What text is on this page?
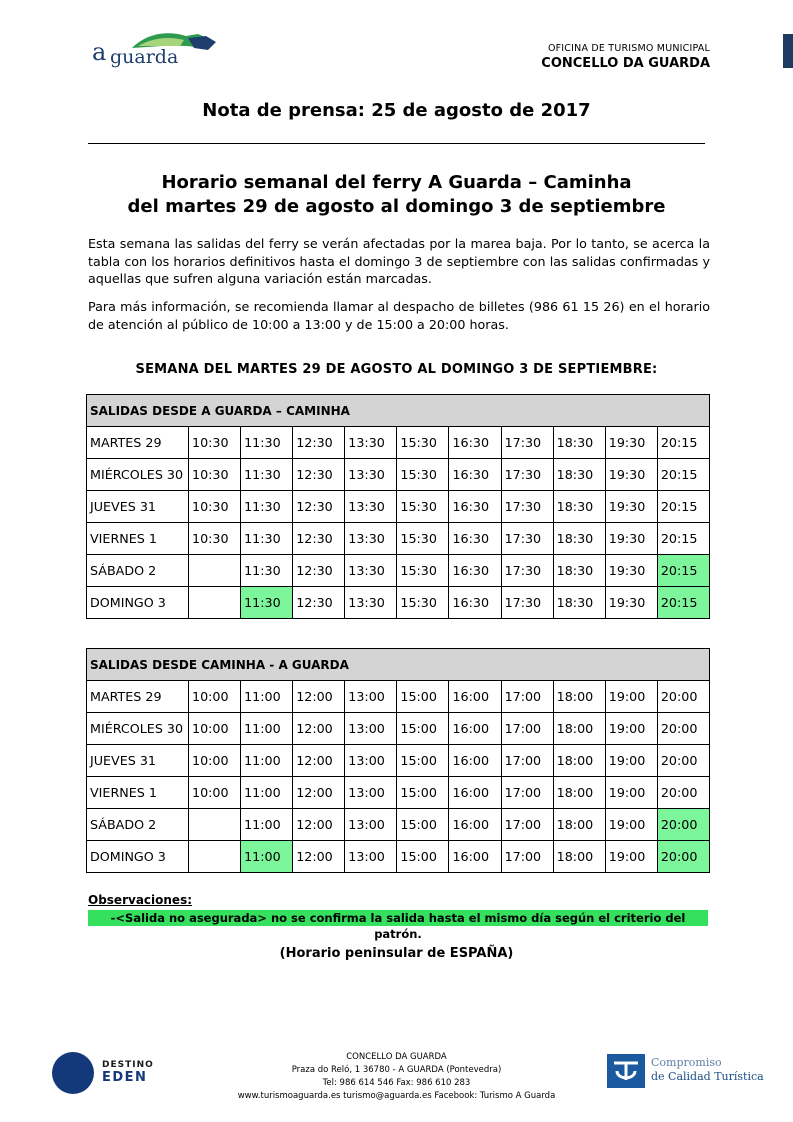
a guarda	OFICINA DE TURISMO MUNICIPAL
CONCELLO DA GUARDA
Nota de prensa: 25 de agosto de 2017
Horario semanal del ferry A Guarda – Caminha
del martes 29 de agosto al domingo 3 de septiembre
Esta semana las salidas del ferry se verán afectadas por la marea baja. Por lo tanto, se acerca la tabla con los horarios definitivos hasta el domingo 3 de septiembre con las salidas confirmadas y aquellas que sufren alguna variación están marcadas.
Para más información, se recomienda llamar al despacho de billetes (986 61 15 26) en el horario de atención al público de 10:00 a 13:00 y de 15:00 a 20:00 horas.
SEMANA DEL MARTES 29 DE AGOSTO AL DOMINGO 3 DE SEPTIEMBRE:
SALIDAS DESDE A GUARDA – CAMINHA										
MARTES 29	10:30	11:30	12:30	13:30	15:30	16:30	17:30	18:30	19:30	20:15
MIÉRCOLES 30	10:30	11:30	12:30	13:30	15:30	16:30	17:30	18:30	19:30	20:15
JUEVES 31	10:30	11:30	12:30	13:30	15:30	16:30	17:30	18:30	19:30	20:15
VIERNES 1	10:30	11:30	12:30	13:30	15:30	16:30	17:30	18:30	19:30	20:15
SÁBADO 2		11:30	12:30	13:30	15:30	16:30	17:30	18:30	19:30	20:15
DOMINGO 3		11:30	12:30	13:30	15:30	16:30	17:30	18:30	19:30	20:15
SALIDAS DESDE CAMINHA - A GUARDA										
MARTES 29	10:00	11:00	12:00	13:00	15:00	16:00	17:00	18:00	19:00	20:00
MIÉRCOLES 30	10:00	11:00	12:00	13:00	15:00	16:00	17:00	18:00	19:00	20:00
JUEVES 31	10:00	11:00	12:00	13:00	15:00	16:00	17:00	18:00	19:00	20:00
VIERNES 1	10:00	11:00	12:00	13:00	15:00	16:00	17:00	18:00	19:00	20:00
SÁBADO 2		11:00	12:00	13:00	15:00	16:00	17:00	18:00	19:00	20:00
DOMINGO 3		11:00	12:00	13:00	15:00	16:00	17:00	18:00	19:00	20:00
Observaciones:
-<Salida no asegurada> no se confirma la salida hasta el mismo día según el criterio del patrón.
(Horario peninsular de ESPAÑA)
DESTINO
EDEN
CONCELLO DA GUARDA
Praza do Reló, 1 36780 - A GUARDA (Pontevedra)
Tel: 986 614 546 Fax: 986 610 283
www.turismoaguarda.es turismo@aguarda.es Facebook: Turismo A Guarda
Compromiso
de Calidad Turística
